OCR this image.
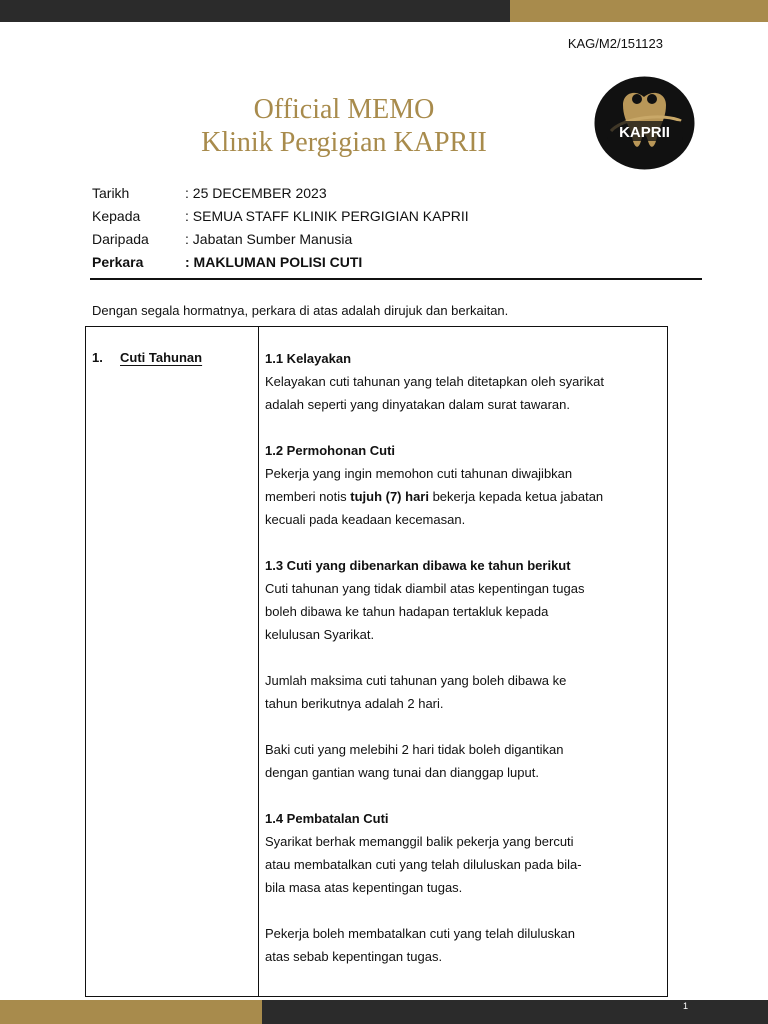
KAG/M2/151123
Official MEMO
Klinik Pergigian KAPRII	KAPRII
Tarikh	: 25 DECEMBER 2023
Kepada	: SEMUA STAFF KLINIK PERGIGIAN KAPRII
Daripada	: Jabatan Sumber Manusia
Perkara	: MAKLUMAN POLISI CUTI
Dengan segala hormatnya, perkara di atas adalah dirujuk dan berkaitan.
1. Cuti Tahunan	1.1 Kelayakan
Kelayakan cuti tahunan yang telah ditetapkan oleh syarikat
adalah seperti yang dinyatakan dalam surat tawaran.

1.2 Permohonan Cuti
Pekerja yang ingin memohon cuti tahunan diwajibkan
memberi notis tujuh (7) hari bekerja kepada ketua jabatan
kecuali pada keadaan kecemasan.

1.3 Cuti yang dibenarkan dibawa ke tahun berikut
Cuti tahunan yang tidak diambil atas kepentingan tugas
boleh dibawa ke tahun hadapan tertakluk kepada
kelulusan Syarikat.

Jumlah maksima cuti tahunan yang boleh dibawa ke
tahun berikutnya adalah 2 hari.

Baki cuti yang melebihi 2 hari tidak boleh digantikan
dengan gantian wang tunai dan dianggap luput.

1.4 Pembatalan Cuti
Syarikat berhak memanggil balik pekerja yang bercuti
atau membatalkan cuti yang telah diluluskan pada bila-
bila masa atas kepentingan tugas.

Pekerja boleh membatalkan cuti yang telah diluluskan
atas sebab kepentingan tugas.

1
